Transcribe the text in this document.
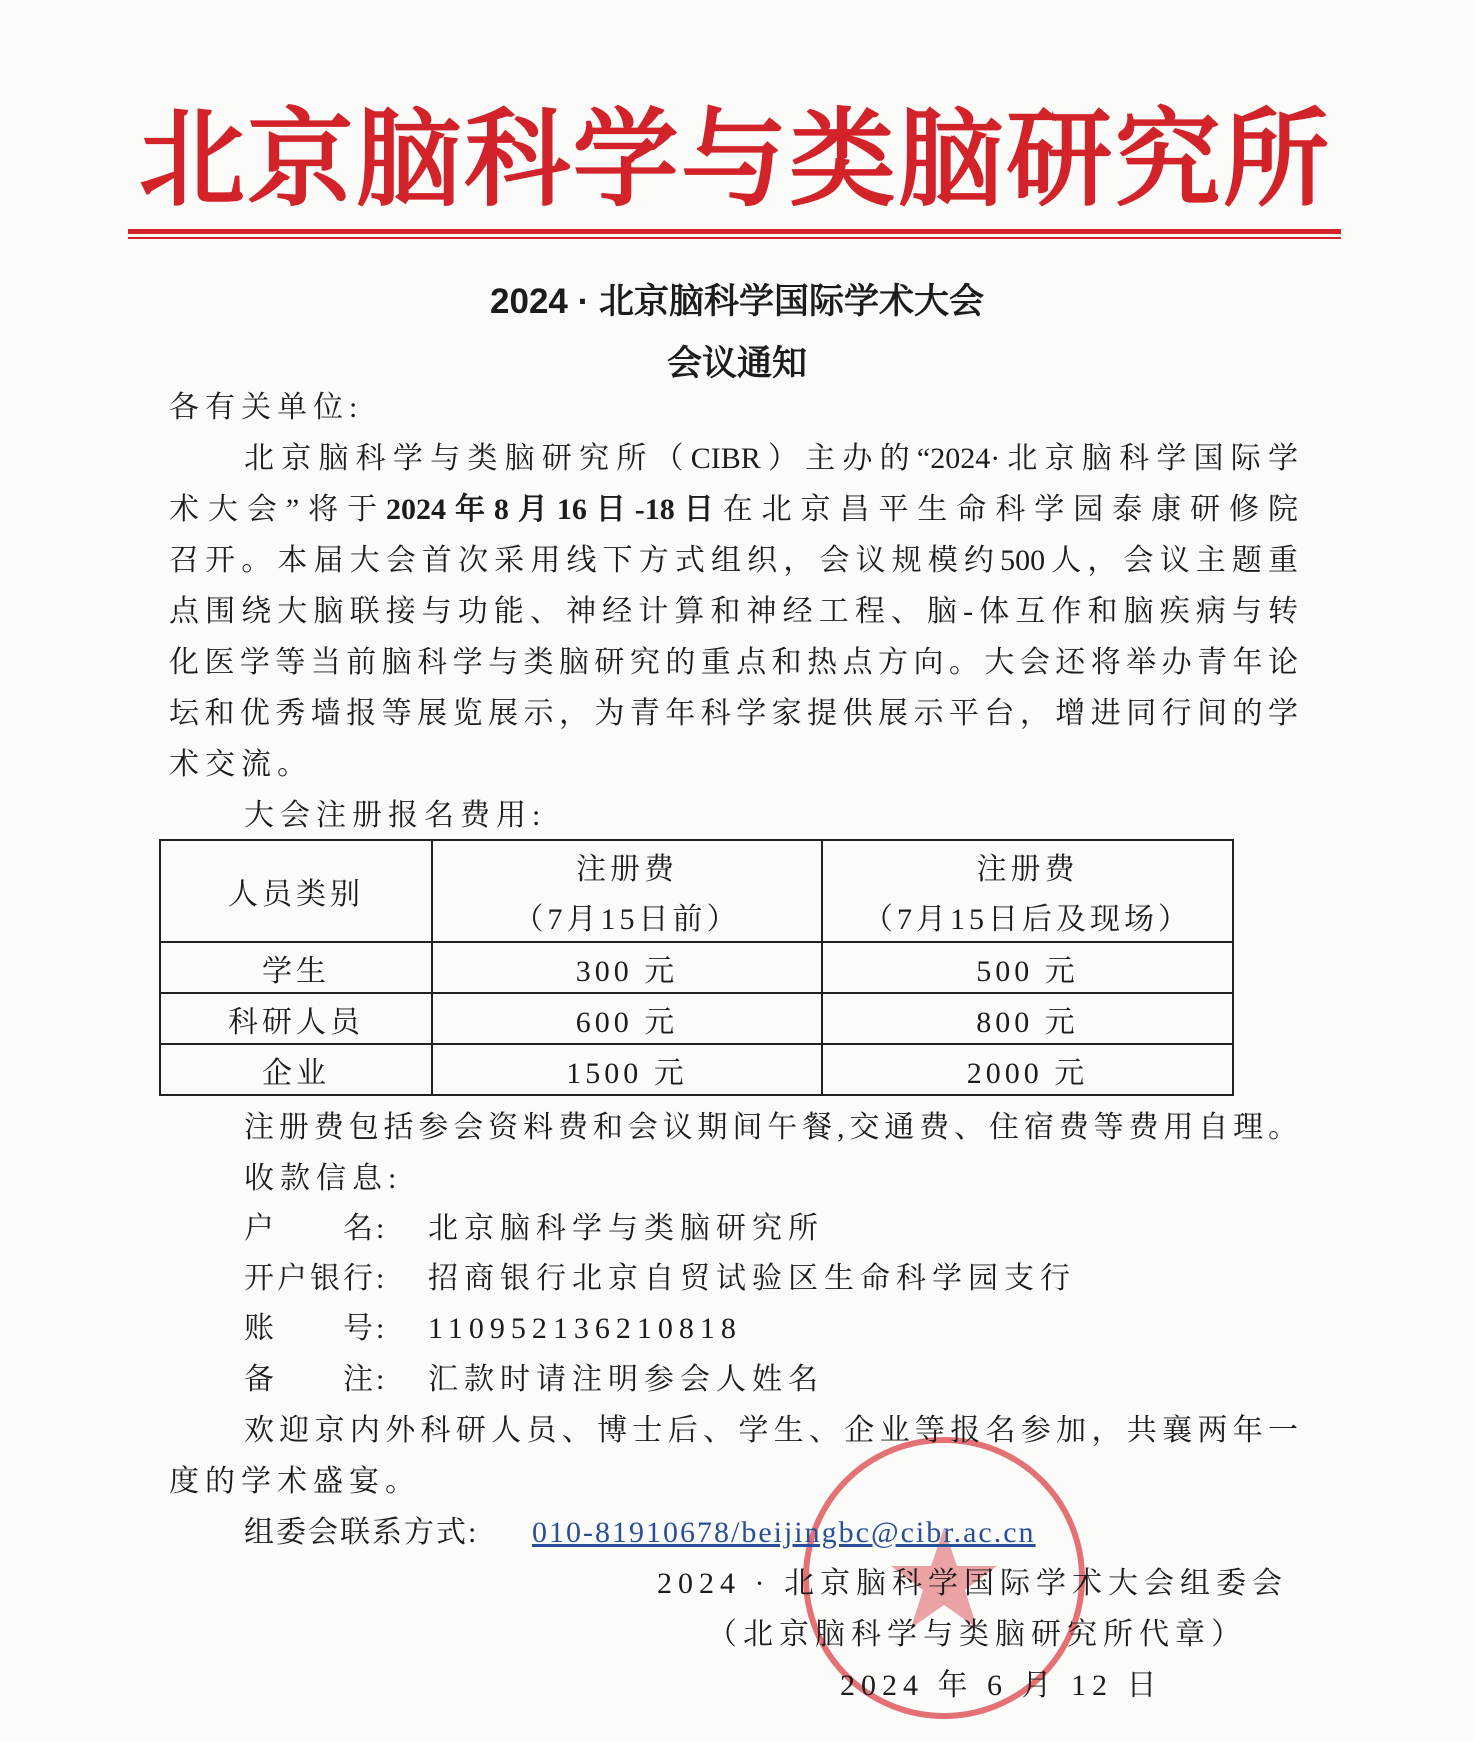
北京脑科学与类脑研究所
2024 · 北京脑科学国际学术大会
会议通知
各有关单位:
北京脑科学与类脑研究所（CIBR）主办的“2024·北京脑科学国际学
术大会”将于2024年8月16日-18日在北京昌平生命科学园泰康研修院
召开。本届大会首次采用线下方式组织，会议规模约500人，会议主题重
点围绕大脑联接与功能、神经计算和神经工程、脑-体互作和脑疾病与转
化医学等当前脑科学与类脑研究的重点和热点方向。大会还将举办青年论
坛和优秀墙报等展览展示，为青年科学家提供展示平台，增进同行间的学
术交流。
大会注册报名费用:
人员类别	注册费	注册费
	（7月15日前）	（7月15日后及现场）
学生	300 元	500 元
科研人员	600 元	800 元
企业	1500 元	2000 元
注册费包括参会资料费和会议期间午餐,交通费、住宿费等费用自理。
收款信息:
户　　名: 北京脑科学与类脑研究所
开户银行: 招商银行北京自贸试验区生命科学园支行
账　　号: 110952136210818
备　　注: 汇款时请注明参会人姓名
欢迎京内外科研人员、博士后、学生、企业等报名参加，共襄两年一
度的学术盛宴。
组委会联系方式: 010-81910678/beijingbc@cibr.ac.cn
2024 · 北京脑科学国际学术大会组委会
（北京脑科学与类脑研究所代章）
2024 年 6 月 12 日
